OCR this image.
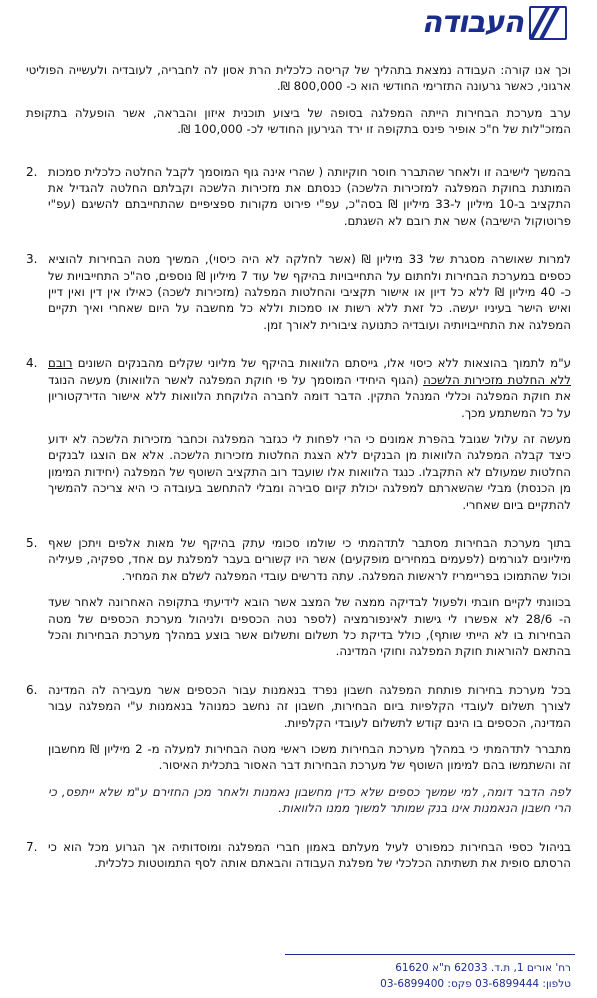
העבודה

וכך אנו קורה: העבודה נמצאת בתהליך של קריסה כלכלית הרת אסון לה לחבריה, לעובדיה ולעשייה הפוליטי ארגוני, כאשר גרעונה התזרימי החודשי הוא כ- 800,000 ₪.

ערב מערכת הבחירות הייתה המפלגה בסופה של ביצוע תוכנית איזון והבראה, אשר הופעלה בתקופת המזכ"לות של ח"כ אופיר פינס בתקופה זו ירד הגירעון החודשי לכ- 100,000 ₪.

.2 בהמשך לישיבה זו ולאחר שהתברר חוסר חוקיותה ( שהרי אינה גוף המוסמך לקבל החלטה כלכלית סמכות המותנת בחוקת המפלגה למזכירות הלשכה) כנסתם את מזכירות הלשכה וקבלתם החלטה להגדיל את התקציב ב-10 מיליון ל-33 מיליון ₪ בסה"כ, עפ"י פירוט מקורות ספציפיים שהתחייבתם להשיגם (עפ"י פרוטוקול הישיבה) אשר את רובם לא השגתם.

.3 למרות שאושרה מסגרת של 33 מיליון ₪ (אשר לחלקה לא היה כיסוי), המשיך מטה הבחירות להוציא כספים במערכת הבחירות ולחתום על התחייבויות בהיקף של עוד 7 מיליון ₪ נוספים, סה"כ התחייבויות של כ- 40 מיליון ₪ ללא כל דיון או אישור תקציבי והחלטות המפלגה (מזכירות לשכה) כאילו אין דין ואין דיין ואיש הישר בעיניו יעשה. כל זאת ללא רשות או סמכות וללא כל מחשבה על היום שאחרי ואיך תקיים המפלגה את התחייבויותיה ועובדיה כתנועה ציבורית לאורך זמן.

.4	ע"מ לתמוך בהוצאות ללא כיסוי אלו, גייסתם הלוואות בהיקף של מליוני שקלים מהבנקים השונים רובם ללא החלטת מזכירות הלשכה (הגוף היחידי המוסמך על פי חוקת המפלגה לאשר הלוואות) מעשה הנוגד את חוקת המפלגה וכללי המנהל התקין. הדבר דומה לחברה הלוקחת הלוואות ללא אישור הדירקטוריון על כל המשתמע מכך.

מעשה זה עלול שגובל בהפרת אמונים כי הרי לפחות לי כגזבר המפלגה וכחבר מזכירות הלשכה לא ידוע כיצד קבלה המפלגה הלוואות מן הבנקים ללא הצגת החלטות מזכירות הלשכה. אלא אם הוצגו לבנקים החלטות שמעולם לא התקבלו. כנגד הלוואות אלו שועבד רוב התקציב השוטף של המפלגה (יחידות המימון מן הכנסת) מבלי שהשארתם למפלגה יכולת קיום סבירה ומבלי להתחשב בעובדה כי היא צריכה להמשיך להתקיים ביום שאחרי.

.5 בתוך מערכת הבחירות מסתבר לתדהמתי כי שולמו סכומי עתק בהיקף של מאות אלפים ויתכן שאף מיליונים לגורמים (לפעמים במחירים מופקעים) אשר היו קשורים בעבר למפלגת עם אחד, ספקיה, פעיליה וכול שהתמוכו בפריימריז לראשות המפלגה. עתה נדרשים עובדי המפלגה לשלם את המחיר.

בכוונתי לקיים חובתי ולפעול לבדיקה ממצה של המצב אשר הובא לידיעתי בתקופה האחרונה לאחר שעד ה- 28/6 לא אפשרו לי גישות לאינפורמציה (לספר נטה הכספים ולניהול מערכת הכספים של מטה הבחירות בו לא הייתי שותף), כולל בדיקת כל תשלום ותשלום אשר בוצע במהלך מערכת הבחירות והכל בהתאם להוראות חוקת המפלגה וחוקי המדינה.

.6 בכל מערכת בחירות פותחת המפלגה חשבון נפרד בנאמנות עבור הכספים אשר מעבירה לה המדינה לצורך תשלום לעובדי הקלפיות ביום הבחירות, חשבון זה נחשב כמנוהל בנאמנות ע"י המפלגה עבור המדינה, הכספים בו הינם קודש לתשלום לעובדי הקלפיות.

מתברר לתדהמתי כי במהלך מערכת הבחירות משכו ראשי מטה הבחירות למעלה מ- 2 מיליון ₪ מחשבון זה והשתמשו בהם למימון השוטף של מערכת הבחירות דבר האסור בתכלית האיסור.

לפה הדבר דומה, למי שמשך כספים שלא כדין מחשבון נאמנות ולאחר מכן החזירם ע"מ שלא ייתפס, כי הרי חשבון הנאמנות אינו בנק שמותר למשוך ממנו הלוואות.

.7 בניהול כספי הבחירות כמפורט לעיל מעלתם באמון חברי המפלגה ומוסדותיה אך הגרוע מכל הוא כי הרסתם סופית את תשתיתה הכלכלי של מפלגת העבודה והבאתם אותה לסף התמוטטות כלכלית.

רח' אורים 1, ת.ד. 62033 ת"א 61620
טלפון: 03-6899444 פקס: 03-6899400
